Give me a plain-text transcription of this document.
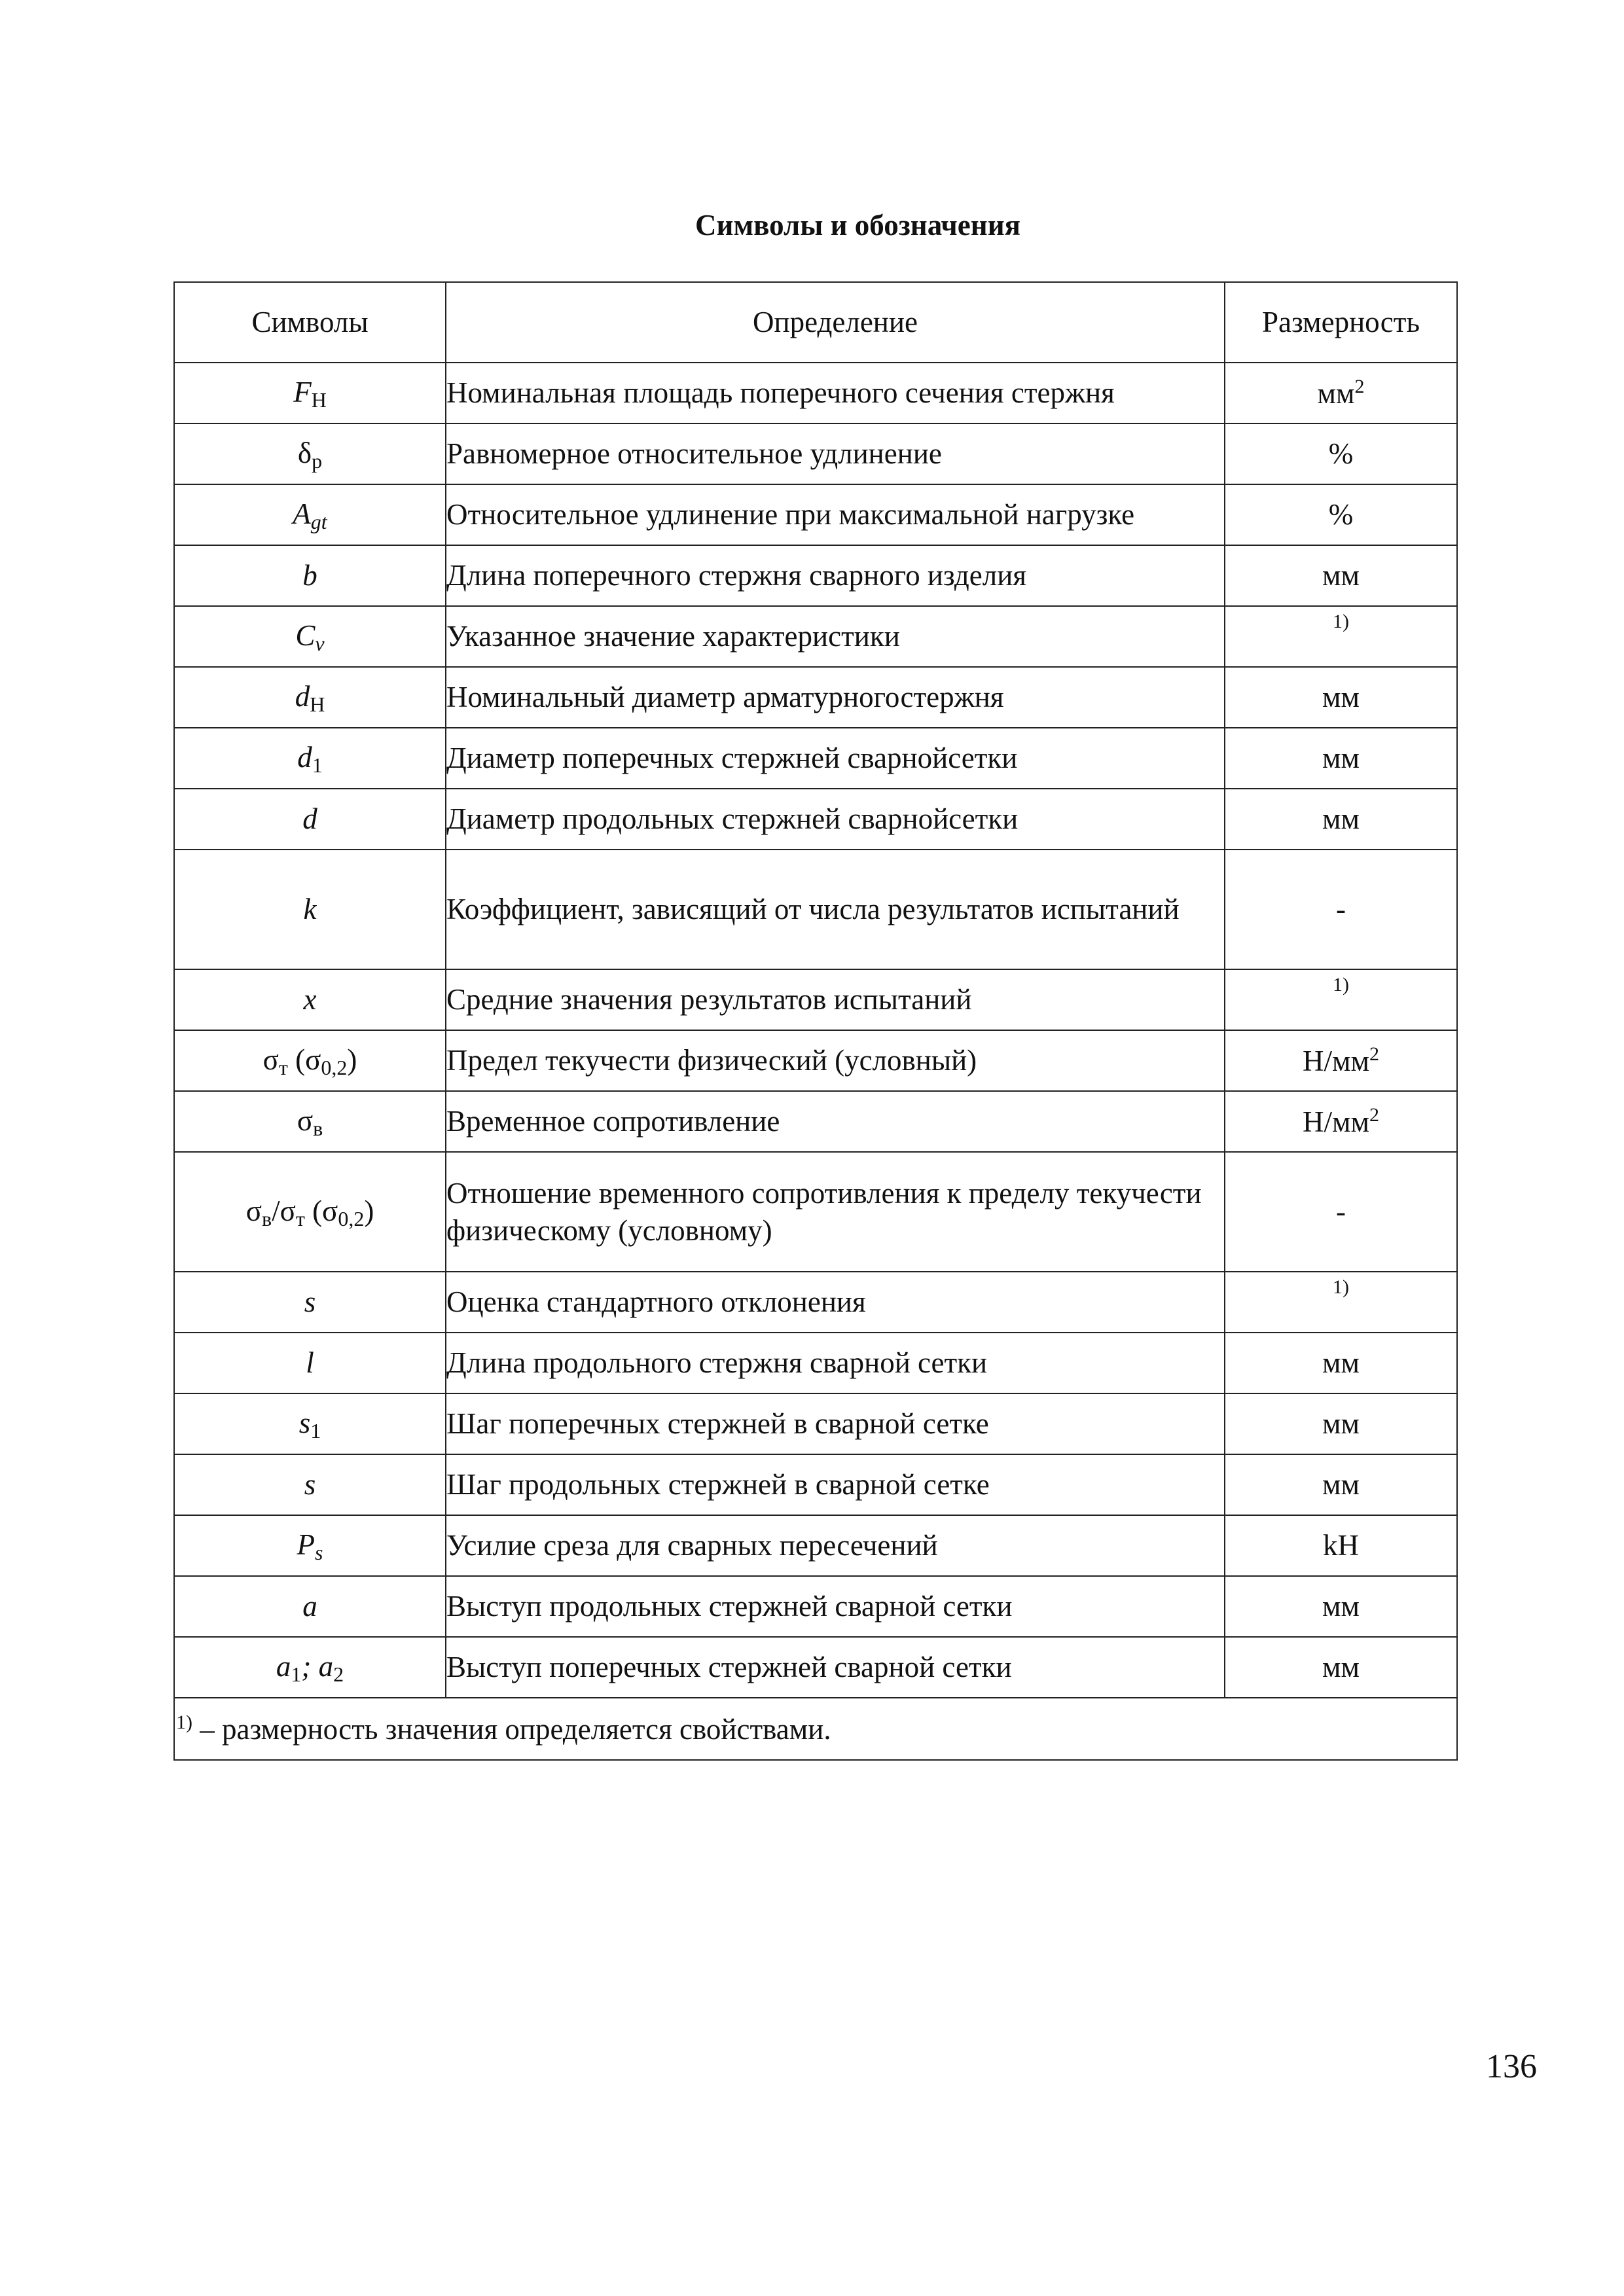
Символы и обозначения
Символы	Определение	Размерность
$F_Н$	Номинальная площадь поперечного сечения стержня	$мм^2$
$\delta_р$	Равномерное относительное удлинение	%
Agt	Относительное удлинение при максимальной нагрузке	%
b	Длина поперечного стержня сварного изделия	мм
Cv	Указанное значение характеристики	1)
$d_Н$	Номинальный диаметр арматурногостержня	мм
$d_1$	Диаметр поперечных стержней сварнойсетки	мм
d	Диаметр продольных стержней сварнойсетки	мм
k	Коэффициент, зависящий от числа результатов испытаний	-
x	Средние значения результатов испытаний	1)
$\sigma_т$ $(\sigma_{0,2})$	Предел текучести физический (условный)	$Н/мм^2$
$\sigma_в$	Временное сопротивление	$Н/мм^2$
$\sigma_в/\sigma_т$ $(\sigma_{0,2})$	Отношение временного сопротивления к пределу текучести физическому (условному)	-
s	Оценка стандартного отклонения	1)
l	Длина продольного стержня сварной сетки	мм
$s_1$	Шаг поперечных стержней в сварной сетке	мм
s	Шаг продольных стержней в сварной сетке	мм
Ps	Усилие среза для сварных пересечений	kH
a	Выступ продольных стержней сварной сетки	мм
$a_1$; $a_2$	Выступ поперечных стержней сварной сетки	мм
$^{1)}$ – размерность значения определяется свойствами.		
136
